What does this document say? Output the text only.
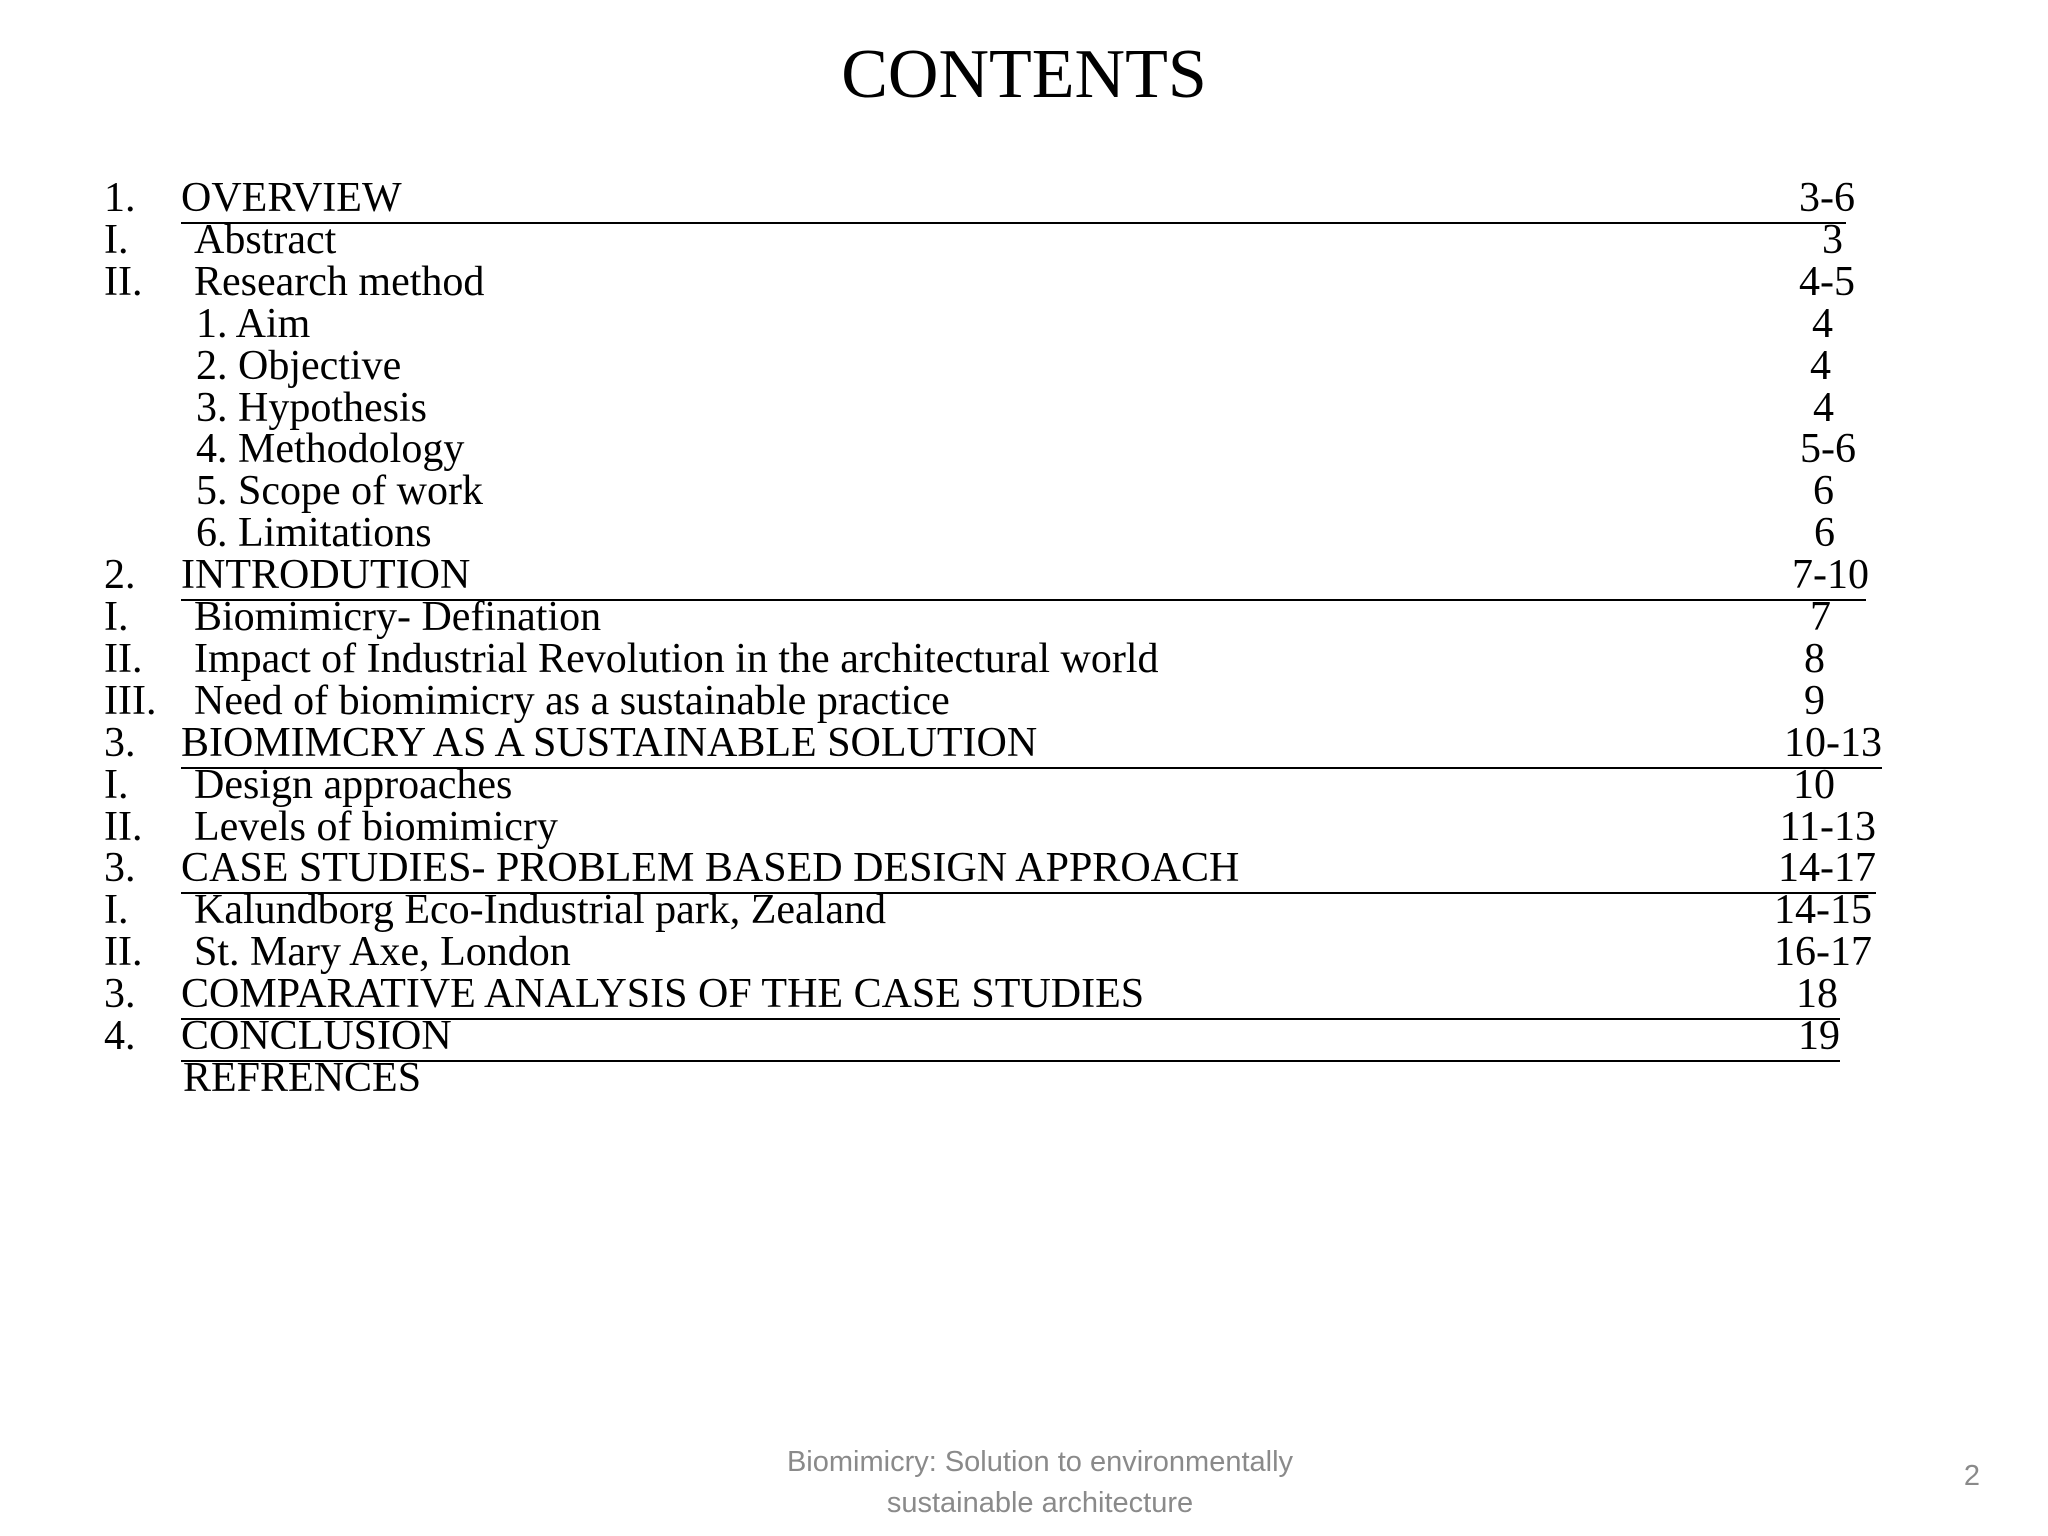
CONTENTS
1. OVERVIEW	3-6
I. Abstract	3
II. Research method	4-5
1. Aim	4
2. Objective	4
3. Hypothesis	4
4. Methodology	5-6
5. Scope of work	6
6. Limitations	6
2. INTRODUTION	7-10
I. Biomimicry- Defination	7
II. Impact of Industrial Revolution in the architectural world	8
III. Need of biomimicry as a sustainable practice	9
3. BIOMIMCRY AS A SUSTAINABLE SOLUTION	10-13
I. Design approaches	10
II. Levels of biomimicry	11-13
3. CASE STUDIES- PROBLEM BASED DESIGN APPROACH	14-17
I. Kalundborg Eco-Industrial park, Zealand	14-15
II. St. Mary Axe, London	16-17
3. COMPARATIVE ANALYSIS OF THE CASE STUDIES	18
4. CONCLUSION	19
REFRENCES
Biomimicry: Solution to environmentally
sustainable architecture
2
